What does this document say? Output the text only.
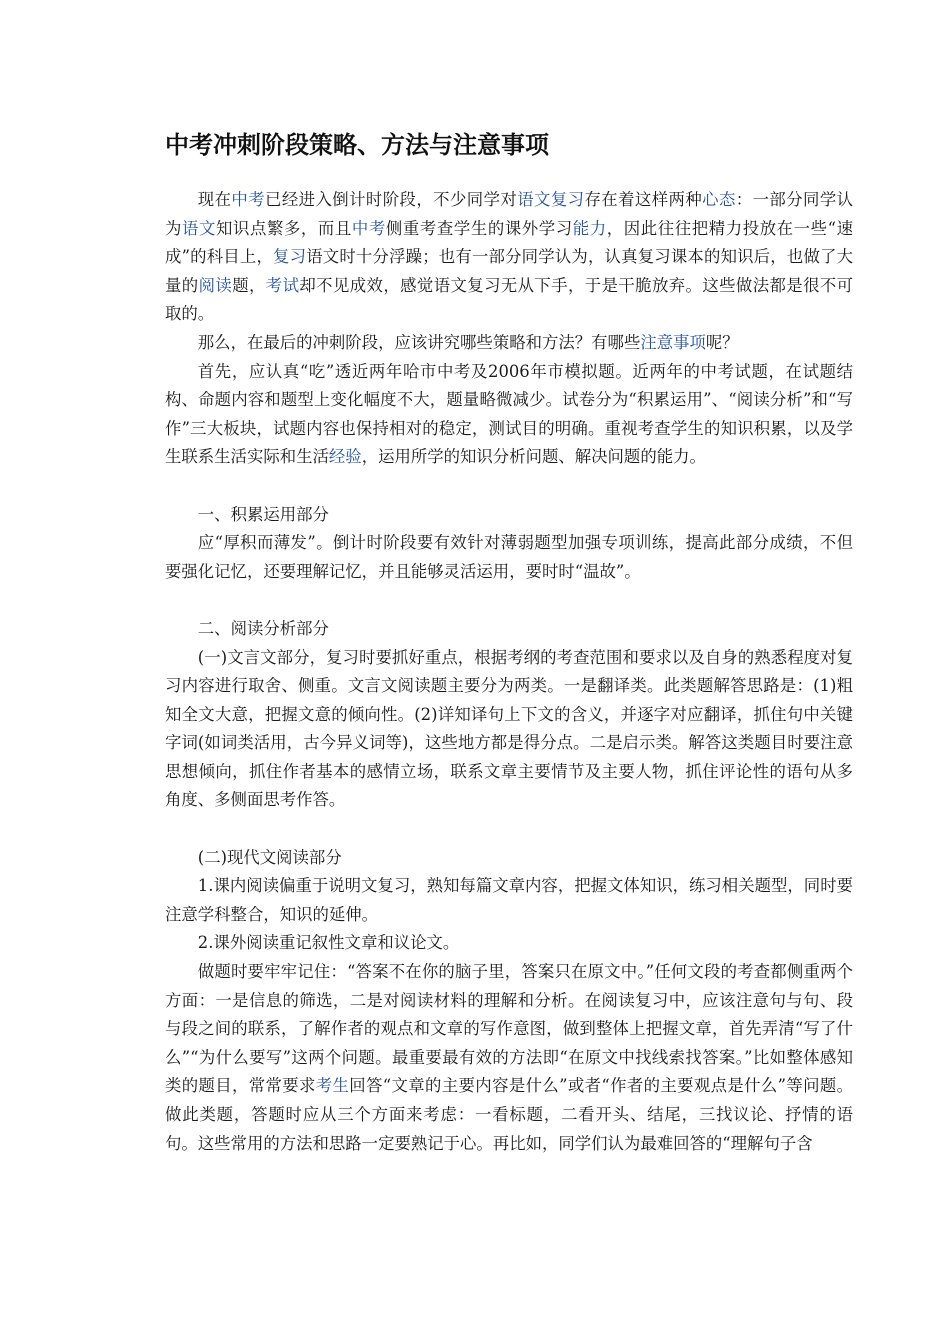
中考冲刺阶段策略、方法与注意事项

现在中考已经进入倒计时阶段，不少同学对语文复习存在着这样两种心态：一部分同学认为语文知识点繁多，而且中考侧重考查学生的课外学习能力，因此往往把精力投放在一些“速成”的科目上，复习语文时十分浮躁；也有一部分同学认为，认真复习课本的知识后，也做了大量的阅读题，考试却不见成效，感觉语文复习无从下手，于是干脆放弃。这些做法都是很不可取的。

那么，在最后的冲刺阶段，应该讲究哪些策略和方法？有哪些注意事项呢？

首先，应认真“吃”透近两年哈市中考及2006年市模拟题。近两年的中考试题，在试题结构、命题内容和题型上变化幅度不大，题量略微减少。试卷分为“积累运用”、“阅读分析”和“写作”三大板块，试题内容也保持相对的稳定，测试目的明确。重视考查学生的知识积累，以及学生联系生活实际和生活经验，运用所学的知识分析问题、解决问题的能力。

一、积累运用部分

应“厚积而薄发”。倒计时阶段要有效针对薄弱题型加强专项训练，提高此部分成绩，不但要强化记忆，还要理解记忆，并且能够灵活运用，要时时“温故”。

二、阅读分析部分

(一)文言文部分，复习时要抓好重点，根据考纲的考查范围和要求以及自身的熟悉程度对复习内容进行取舍、侧重。文言文阅读题主要分为两类。一是翻译类。此类题解答思路是：(1)粗知全文大意，把握文意的倾向性。(2)详知译句上下文的含义，并逐字对应翻译，抓住句中关键字词(如词类活用，古今异义词等)，这些地方都是得分点。二是启示类。解答这类题目时要注意思想倾向，抓住作者基本的感情立场，联系文章主要情节及主要人物，抓住评论性的语句从多角度、多侧面思考作答。

(二)现代文阅读部分

1.课内阅读偏重于说明文复习，熟知每篇文章内容，把握文体知识，练习相关题型，同时要注意学科整合，知识的延伸。

2.课外阅读重记叙性文章和议论文。

做题时要牢牢记住：“答案不在你的脑子里，答案只在原文中。”任何文段的考查都侧重两个方面：一是信息的筛选，二是对阅读材料的理解和分析。在阅读复习中，应该注意句与句、段与段之间的联系，了解作者的观点和文章的写作意图，做到整体上把握文章，首先弄清“写了什么”“为什么要写”这两个问题。最重要最有效的方法即“在原文中找线索找答案。”比如整体感知类的题目，常常要求考生回答“文章的主要内容是什么”或者“作者的主要观点是什么”等问题。做此类题，答题时应从三个方面来考虑：一看标题，二看开头、结尾，三找议论、抒情的语句。这些常用的方法和思路一定要熟记于心。再比如，同学们认为最难回答的“理解句子含
